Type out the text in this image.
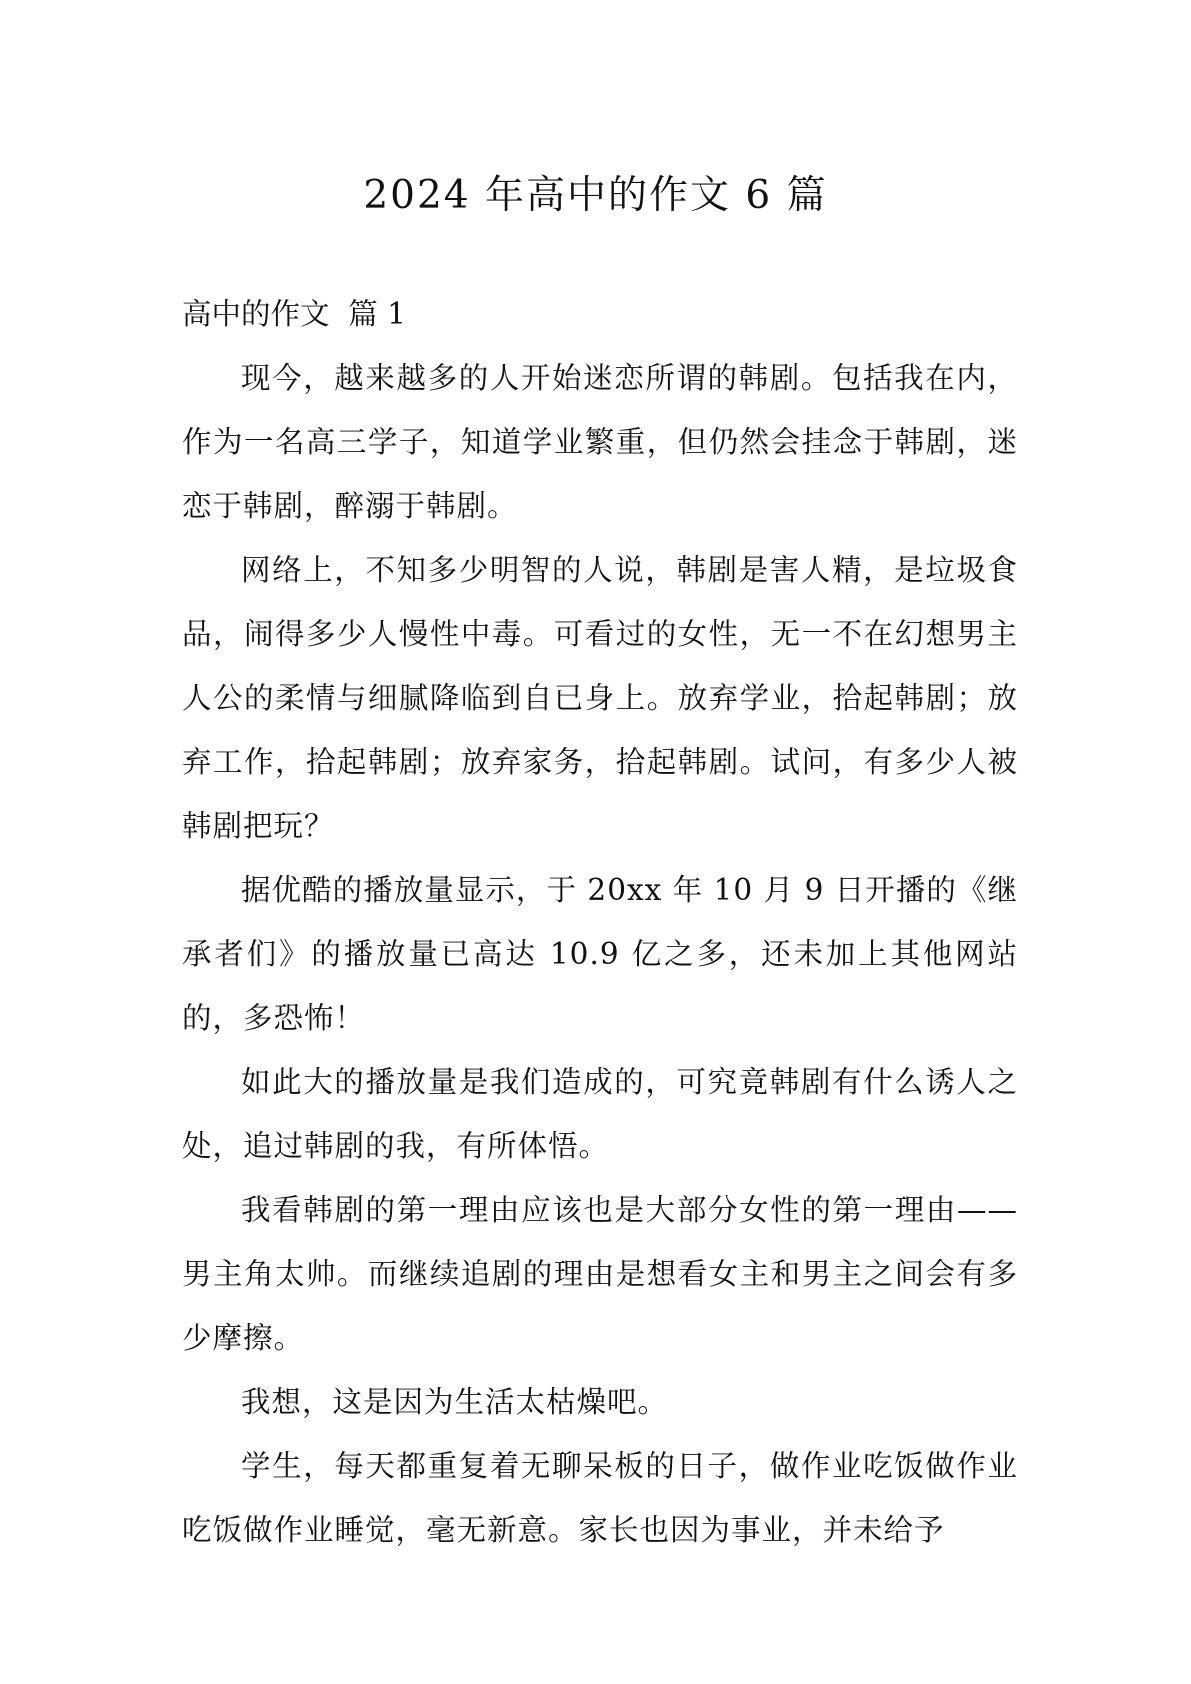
2024 年高中的作文 6 篇
高中的作文  篇 1

现今，越来越多的人开始迷恋所谓的韩剧。包括我在内，作为一名高三学子，知道学业繁重，但仍然会挂念于韩剧，迷恋于韩剧，醉溺于韩剧。

网络上，不知多少明智的人说，韩剧是害人精，是垃圾食品，闹得多少人慢性中毒。可看过的女性，无一不在幻想男主人公的柔情与细腻降临到自已身上。放弃学业，拾起韩剧；放弃工作，拾起韩剧；放弃家务，拾起韩剧。试问，有多少人被韩剧把玩？

据优酷的播放量显示，于 20xx 年 10 月 9 日开播的《继承者们》的播放量已高达 10.9 亿之多，还未加上其他网站的，多恐怖！

如此大的播放量是我们造成的，可究竟韩剧有什么诱人之处，追过韩剧的我，有所体悟。

我看韩剧的第一理由应该也是大部分女性的第一理由——男主角太帅。而继续追剧的理由是想看女主和男主之间会有多少摩擦。

我想，这是因为生活太枯燥吧。

学生，每天都重复着无聊呆板的日子，做作业吃饭做作业吃饭做作业睡觉，毫无新意。家长也因为事业，并未给予
